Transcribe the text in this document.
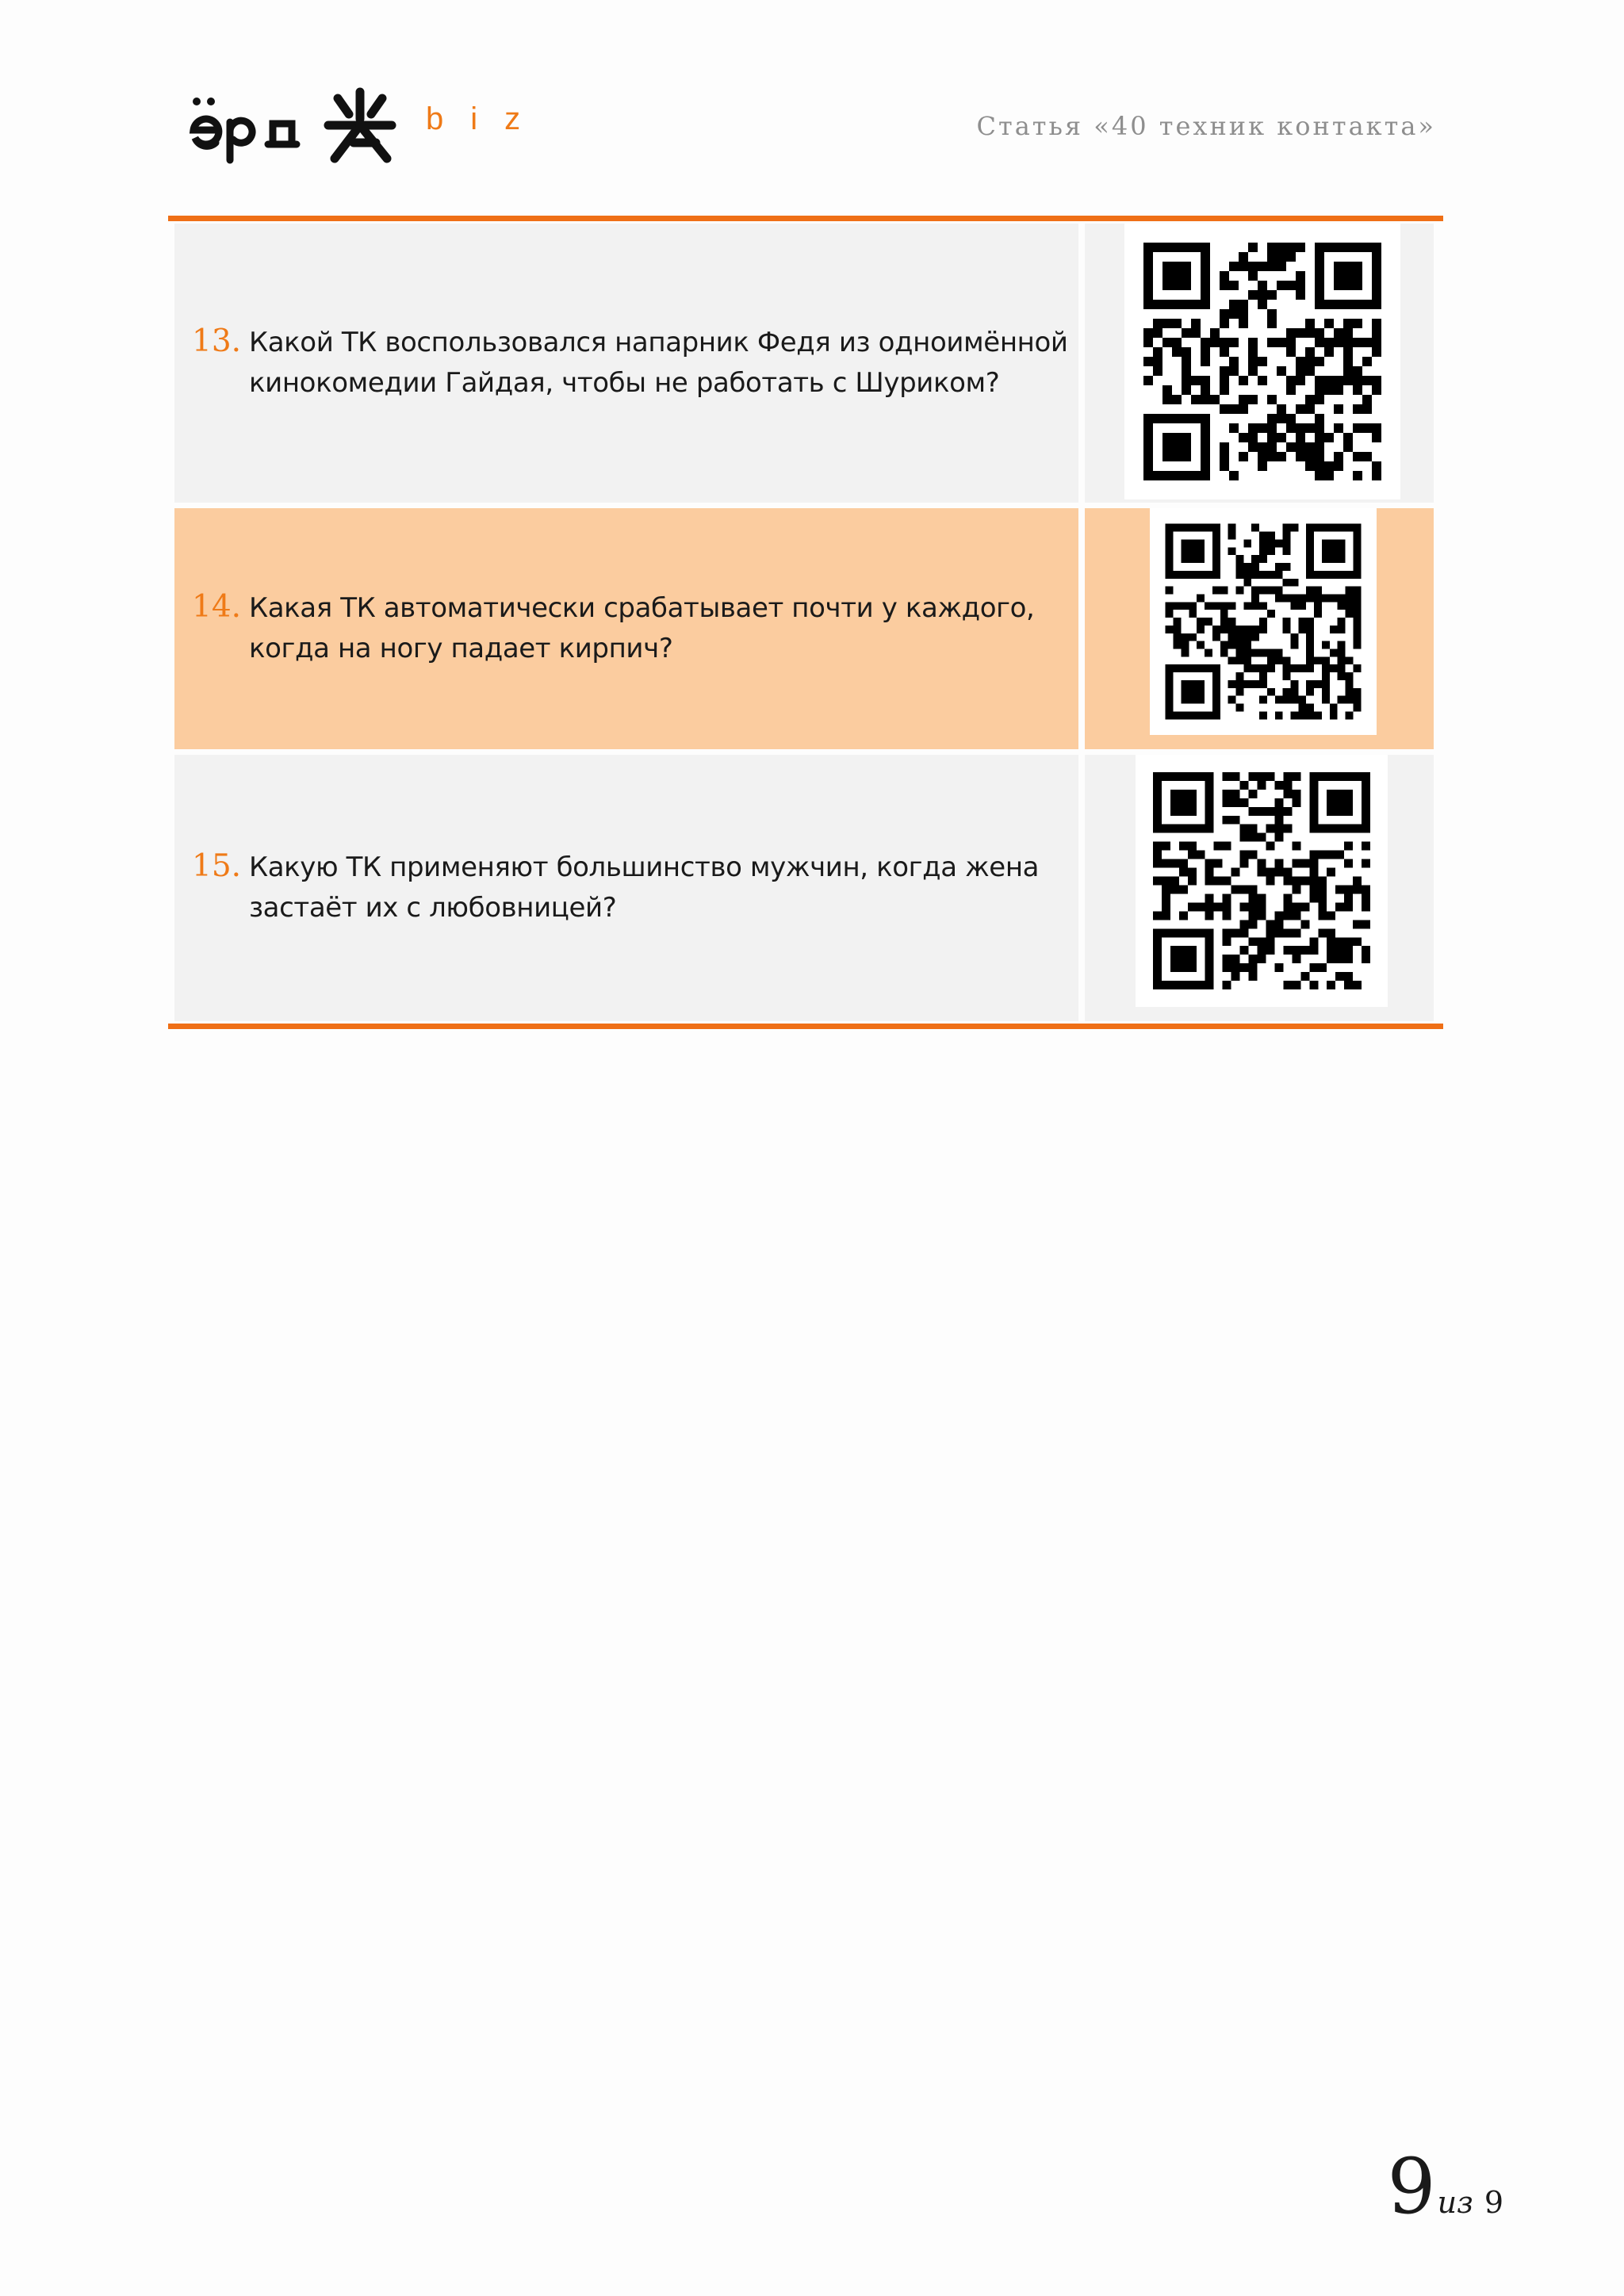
biz	Статья «40 техник контакта»
13. Какой ТК воспользовался напарник Федя из одноимённой кинокомедии Гайдая, чтобы не работать с Шуриком?
14. Какая ТК автоматически срабатывает почти у каждого, когда на ногу падает кирпич?
15. Какую ТК применяют большинство мужчин, когда жена застаёт их с любовницей?
9 из 9
